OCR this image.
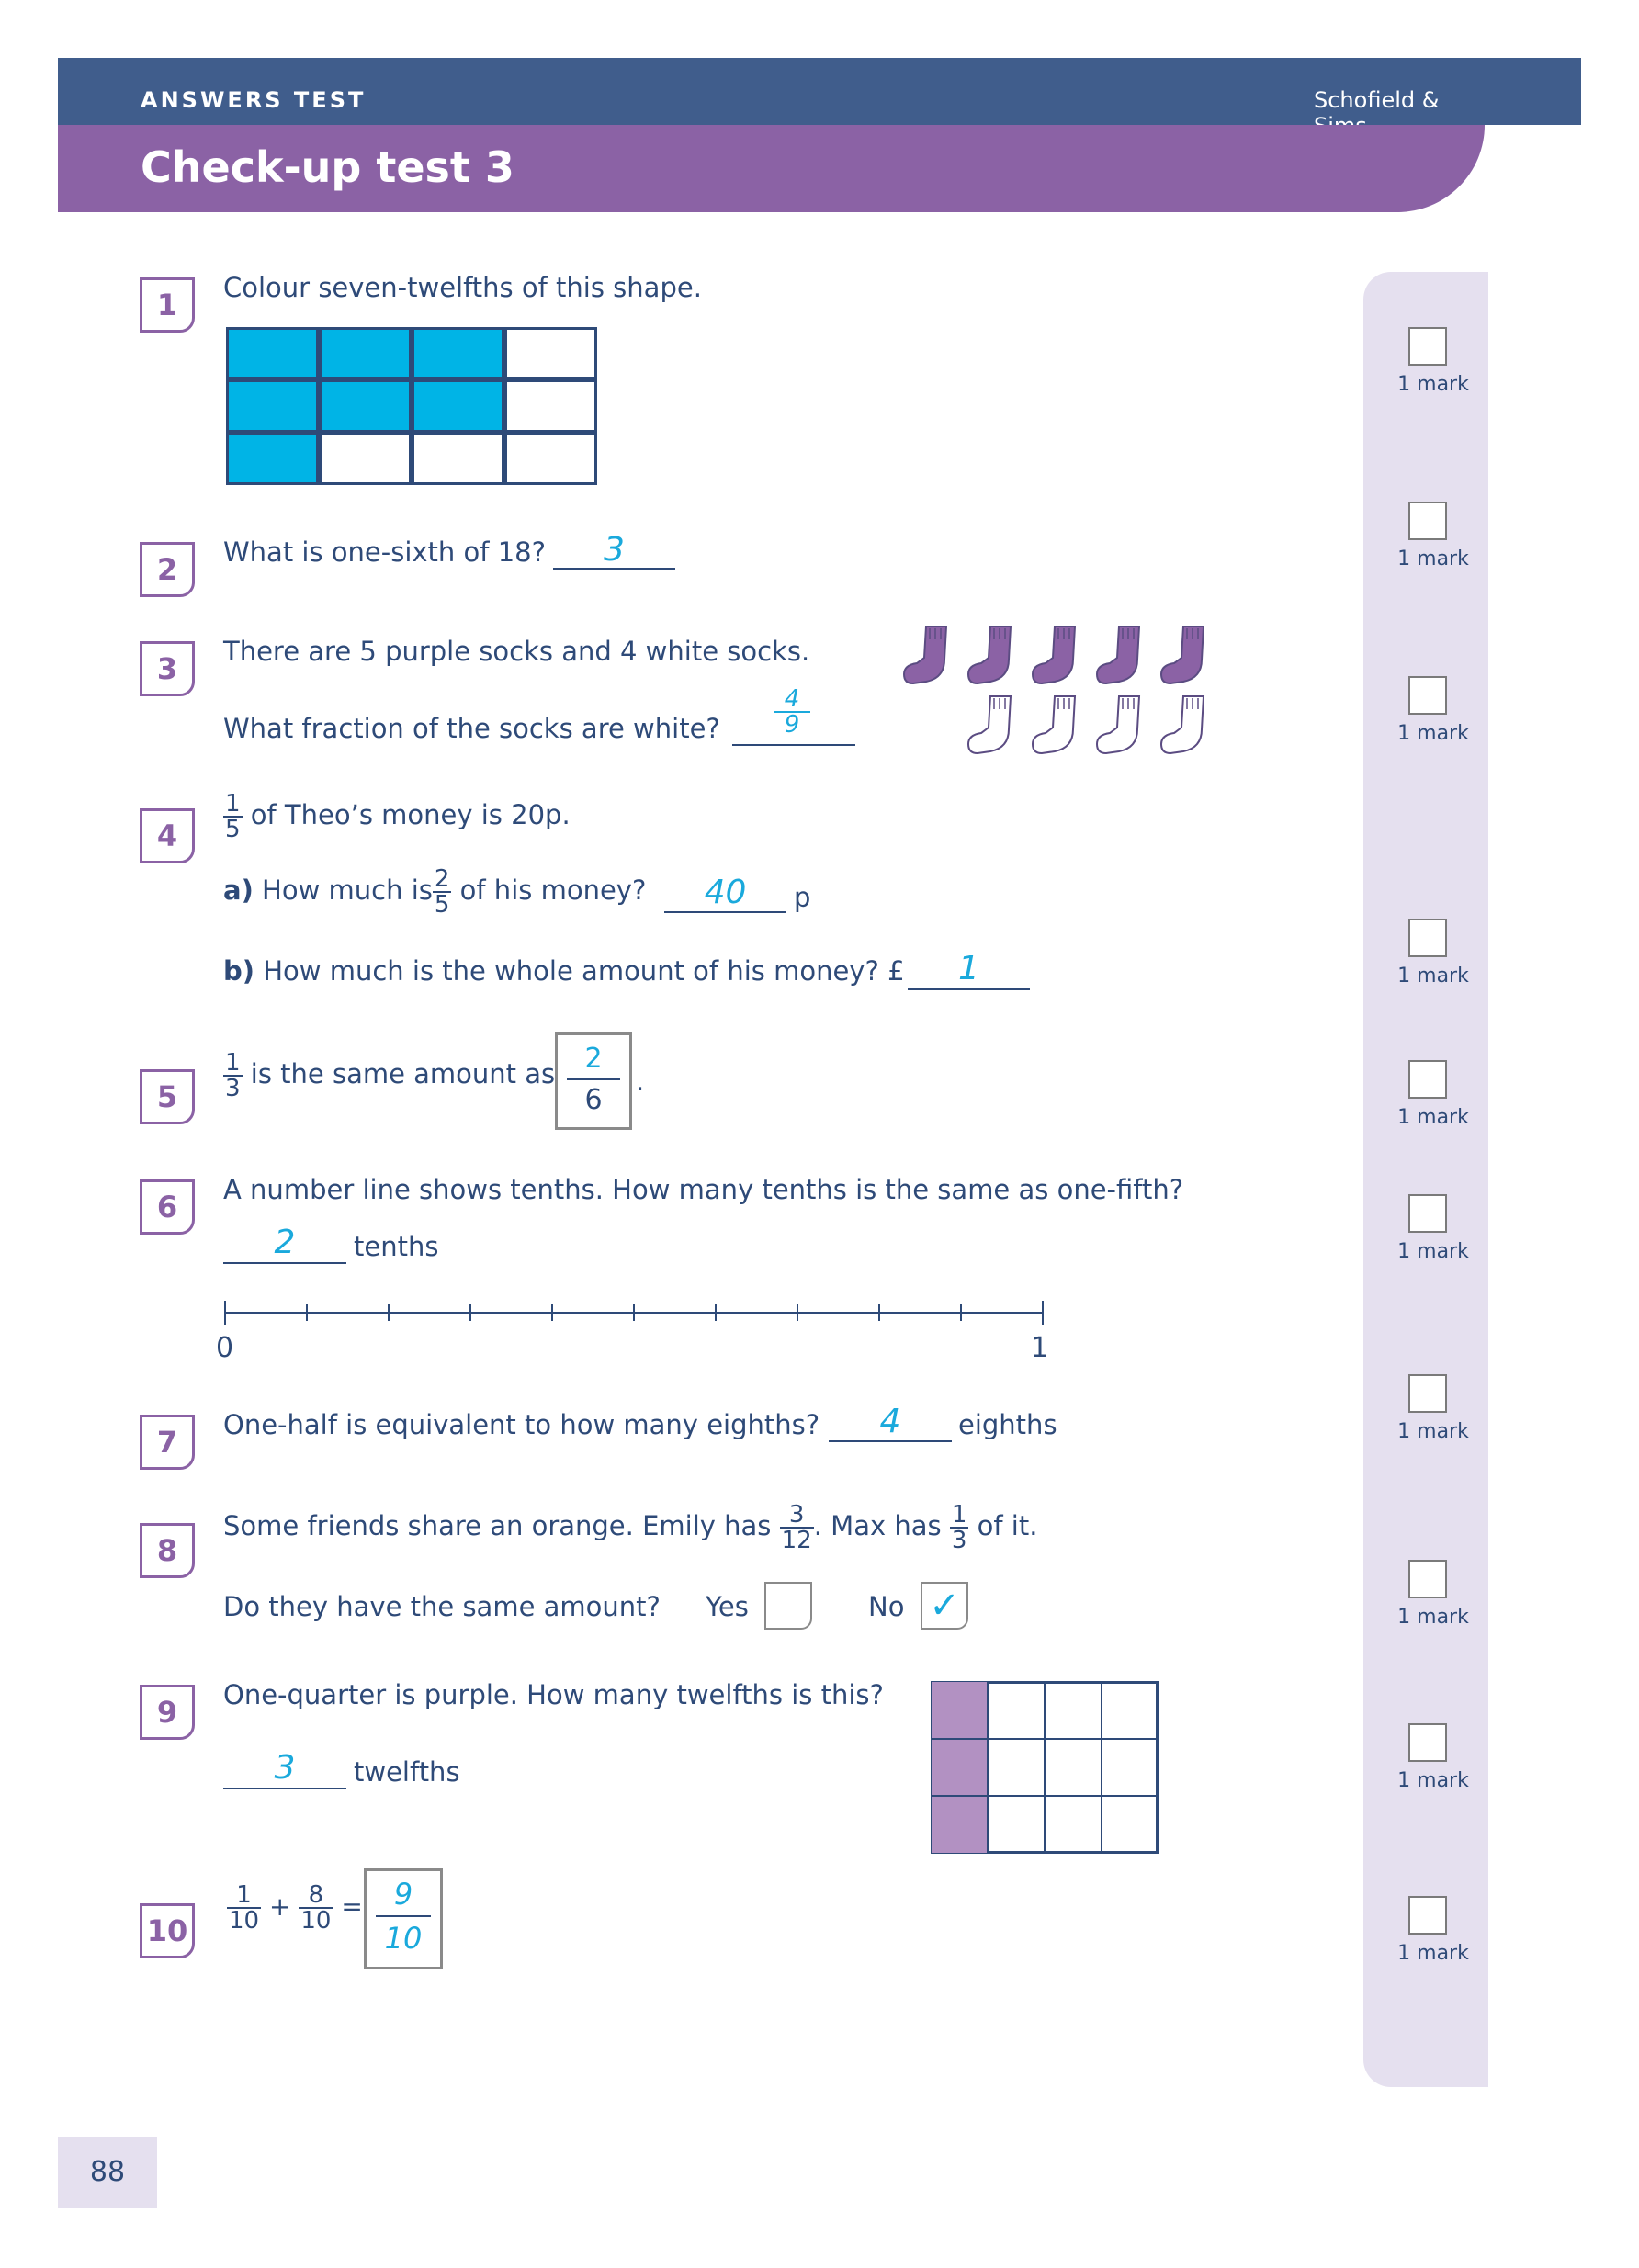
ANSWERS TEST	Schofield &
Check-up test 3
1 mark
1 mark
1 mark
1 mark
1 mark
1 mark
1 mark
1 mark
1 mark
1 mark
1	Colour seven-twelfths of this shape.
2	What is one-sixth of 18?	3
3	There are 5 purple socks and 4 white socks.
What fraction of the socks are white? $\frac{4}{9}$
4	$\frac{1}{5}$ of Theo’s money is 20p.
a) How much is $\frac{2}{5}$ of his money?	40	p
b) How much is the whole amount of his money? £	1
5	$\frac{1}{3}$ is the same amount as	2
6
.
6	A number line shows tenths. How many tenths is the same as one-fifth?
2	tenths
0	1
7	One-half is equivalent to how many eighths?	4	eighths
8
Some friends share an orange. Emily has $\frac{3}{12}$ . Max has $\frac{1}{3}$ of it.
Do they have the same amount? Yes	No ✓
9	One-quarter is purple. How many twelfths is this?
3	twelfths
$10 \frac{1}{10} + \frac{8}{10}$ =	9
10
88
